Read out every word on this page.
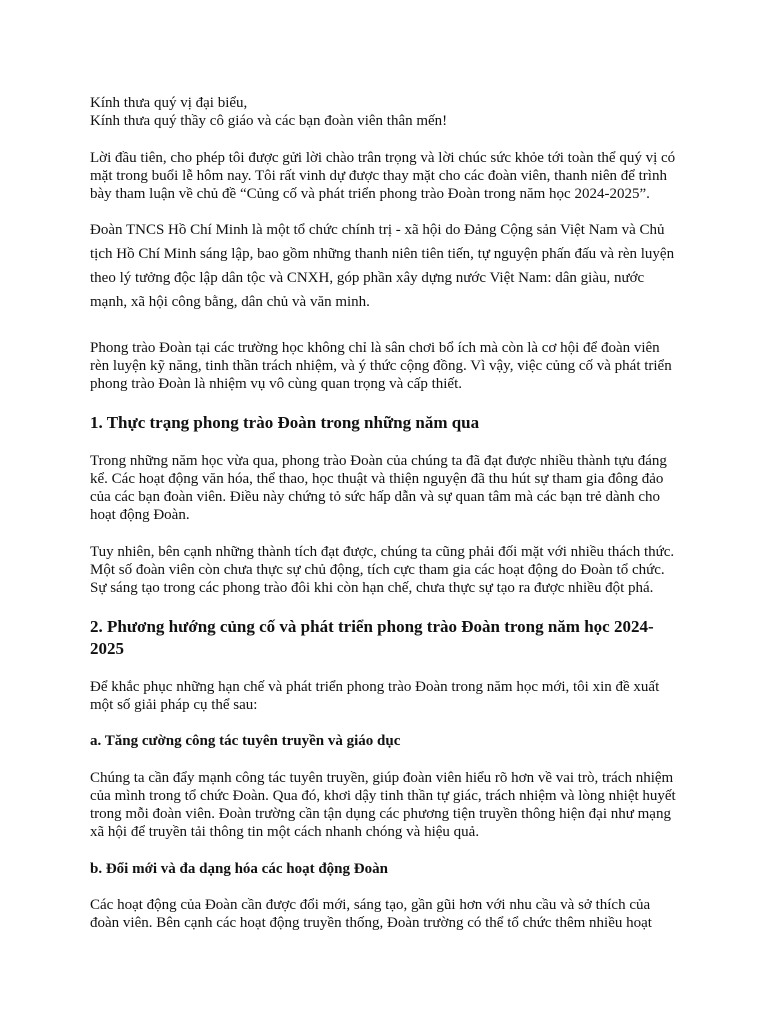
Kính thưa quý vị đại biểu,

Kính thưa quý thầy cô giáo và các bạn đoàn viên thân mến!

Lời đầu tiên, cho phép tôi được gửi lời chào trân trọng và lời chúc sức khỏe tới toàn thể quý vị có mặt trong buổi lễ hôm nay. Tôi rất vinh dự được thay mặt cho các đoàn viên, thanh niên để trình bày tham luận về chủ đề “Củng cố và phát triển phong trào Đoàn trong năm học 2024-2025”.

Đoàn TNCS Hồ Chí Minh là một tổ chức chính trị - xã hội do Đảng Cộng sản Việt Nam và Chủ tịch Hồ Chí Minh sáng lập, bao gồm những thanh niên tiên tiến, tự nguyện phấn đấu và rèn luyện theo lý tưởng độc lập dân tộc và CNXH, góp phần xây dựng nước Việt Nam: dân giàu, nước mạnh, xã hội công bằng, dân chủ và văn minh.

Phong trào Đoàn tại các trường học không chỉ là sân chơi bổ ích mà còn là cơ hội để đoàn viên rèn luyện kỹ năng, tinh thần trách nhiệm, và ý thức cộng đồng. Vì vậy, việc củng cố và phát triển phong trào Đoàn là nhiệm vụ vô cùng quan trọng và cấp thiết.

1. Thực trạng phong trào Đoàn trong những năm qua

Trong những năm học vừa qua, phong trào Đoàn của chúng ta đã đạt được nhiều thành tựu đáng kể. Các hoạt động văn hóa, thể thao, học thuật và thiện nguyện đã thu hút sự tham gia đông đảo của các bạn đoàn viên. Điều này chứng tỏ sức hấp dẫn và sự quan tâm mà các bạn trẻ dành cho hoạt động Đoàn.

Tuy nhiên, bên cạnh những thành tích đạt được, chúng ta cũng phải đối mặt với nhiều thách thức. Một số đoàn viên còn chưa thực sự chủ động, tích cực tham gia các hoạt động do Đoàn tổ chức. Sự sáng tạo trong các phong trào đôi khi còn hạn chế, chưa thực sự tạo ra được nhiều đột phá.

2. Phương hướng củng cố và phát triển phong trào Đoàn trong năm học 2024-2025

Để khắc phục những hạn chế và phát triển phong trào Đoàn trong năm học mới, tôi xin đề xuất một số giải pháp cụ thể sau:

a. Tăng cường công tác tuyên truyền và giáo dục

Chúng ta cần đẩy mạnh công tác tuyên truyền, giúp đoàn viên hiểu rõ hơn về vai trò, trách nhiệm của mình trong tổ chức Đoàn. Qua đó, khơi dậy tinh thần tự giác, trách nhiệm và lòng nhiệt huyết trong mỗi đoàn viên. Đoàn trường cần tận dụng các phương tiện truyền thông hiện đại như mạng xã hội để truyền tải thông tin một cách nhanh chóng và hiệu quả.

b. Đổi mới và đa dạng hóa các hoạt động Đoàn

Các hoạt động của Đoàn cần được đổi mới, sáng tạo, gần gũi hơn với nhu cầu và sở thích của đoàn viên. Bên cạnh các hoạt động truyền thống, Đoàn trường có thể tổ chức thêm nhiều hoạt
